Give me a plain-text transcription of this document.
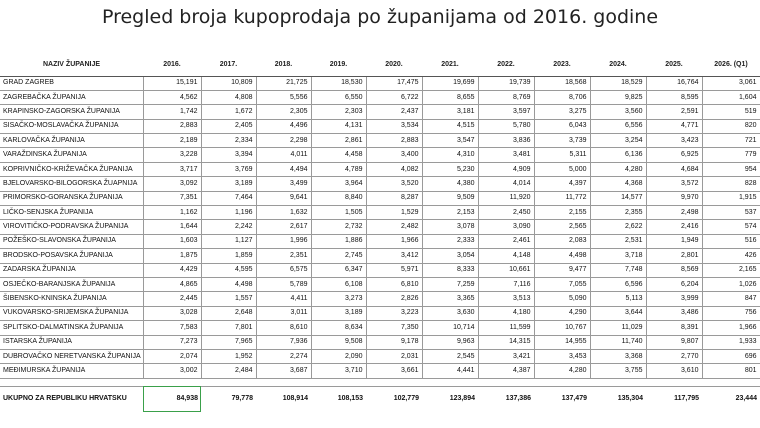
Pregled broja kupoprodaja po županijama od 2016. godine
NAZIV ŽUPANIJE	2016.	2017.	2018.	2019.	2020.	2021.	2022.	2023.	2024.	2025.	2026. (Q1)
GRAD ZAGREB	15,191	10,809	21,725	18,530	17,475	19,699	19,739	18,568	18,529	16,764	3,061
ZAGREBAČKA ŽUPANIJA	4,562	4,808	5,556	6,550	6,722	8,655	8,769	8,706	9,825	8,595	1,604
KRAPINSKO-ZAGORSKA ŽUPANIJA	1,742	1,672	2,305	2,303	2,437	3,181	3,597	3,275	3,560	2,591	519
SISAČKO-MOSLAVAČKA ŽUPANIJA	2,883	2,405	4,496	4,131	3,534	4,515	5,780	6,043	6,556	4,771	820
KARLOVAČKA ŽUPANIJA	2,189	2,334	2,298	2,861	2,883	3,547	3,836	3,739	3,254	3,423	721
VARAŽDINSKA ŽUPANIJA	3,228	3,394	4,011	4,458	3,400	4,310	3,481	5,311	6,136	6,925	779
KOPRIVNIČKO-KRIŽEVAČKA ŽUPANIJA	3,717	3,769	4,494	4,789	4,082	5,230	4,909	5,000	4,280	4,684	954
BJELOVARSKO-BILOGORSKA ŽUAPNIJA	3,092	3,189	3,499	3,964	3,520	4,380	4,014	4,397	4,368	3,572	828
PRIMORSKO-GORANSKA ŽUPANIJA	7,351	7,464	9,641	8,840	8,287	9,509	11,920	11,772	14,577	9,970	1,915
LIČKO-SENJSKA ŽUPANIJA	1,162	1,196	1,632	1,505	1,529	2,153	2,450	2,155	2,355	2,498	537
VIROVITIČKO-PODRAVSKA ŽUPANIJA	1,644	2,242	2,617	2,732	2,482	3,078	3,090	2,565	2,622	2,416	574
POŽEŠKO-SLAVONSKA ŽUPANIJA	1,603	1,127	1,996	1,886	1,966	2,333	2,461	2,083	2,531	1,949	516
BRODSKO-POSAVSKA ŽUPANIJA	1,875	1,859	2,351	2,745	3,412	3,054	4,148	4,498	3,718	2,801	426
ZADARSKA ŽUPANIJA	4,429	4,595	6,575	6,347	5,971	8,333	10,661	9,477	7,748	8,569	2,165
OSJEČKO-BARANJSKA ŽUPANIJA	4,865	4,498	5,789	6,108	6,810	7,259	7,116	7,055	6,596	6,204	1,026
ŠIBENSKO-KNINSKA ŽUPANIJA	2,445	1,557	4,411	3,273	2,826	3,365	3,513	5,090	5,113	3,999	847
VUKOVARSKO-SRIJEMSKA ŽUPANIJA	3,028	2,648	3,011	3,189	3,223	3,630	4,180	4,290	3,644	3,486	756
SPLITSKO-DALMATINSKA ŽUPANIJA	7,583	7,801	8,610	8,634	7,350	10,714	11,599	10,767	11,029	8,391	1,966
ISTARSKA ŽUPANIJA	7,273	7,965	7,936	9,508	9,178	9,963	14,315	14,955	11,740	9,807	1,933
DUBROVAČKO NERETVANSKA ŽUPANIJA	2,074	1,952	2,274	2,090	2,031	2,545	3,421	3,453	3,368	2,770	696
MEĐIMURSKA ŽUPANIJA	3,002	2,484	3,687	3,710	3,661	4,441	4,387	4,280	3,755	3,610	801

UKUPNO ZA REPUBLIKU HRVATSKU	84,938	79,778	108,914	108,153	102,779	123,894	137,386	137,479	135,304	117,795	23,444
